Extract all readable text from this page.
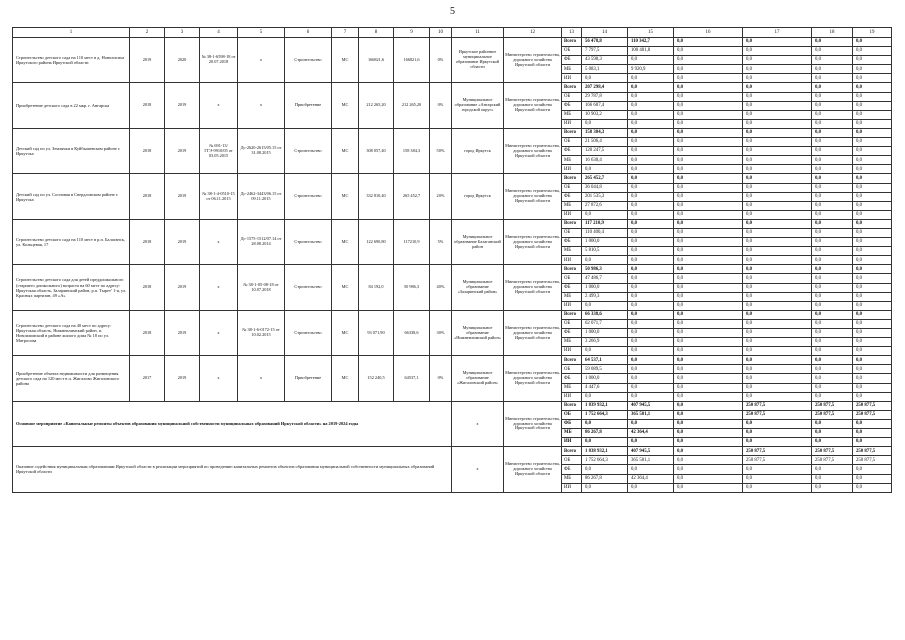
5
1	2	3	4	5	6	7	8	9	10	11	12	13	14	15	16	17	18	19
Строительство детского сада на 110 мест в д. Новолисиха Иркутского района Иркутской области	2019	2020	№ 38-1-6598-18 от 20.07.2018	х	Строительство	МС	166821,6	166821,6	0%	Иркутское районное муниципальное образование Иркутской области	Министерство строительства, дорожного хозяйства Иркутской области	Всего	56 478,8	110 342,7	0,0	0,0	0,0	0,0
												ОБ	7 797,5	100 401,8	0,0	0,0	0,0	0,0
												ФБ	43 598,3	0,0	0,0	0,0	0,0	0,0
												МБ	5 083,1	9 920,9	0,0	0,0	0,0	0,0
												ИИ	0,0	0,0	0,0	0,0	0,0	0,0
Приобретение детского сада в 22 мкр. г. Ангарска	2018	2019	х	х	Приобретение	МС	212 265,20	212 265,20	0%	Муниципальное образование «Ангарский городской округ»	Министерство строительства, дорожного хозяйства Иркутской области	Всего	207 298,4	0,0	0,0	0,0	0,0	0,0
												ОБ	29 787,8	0,0	0,0	0,0	0,0	0,0
												ФБ	166 607,4	0,0	0,0	0,0	0,0	0,0
												МБ	10 903,2	0,0	0,0	0,0	0,0	0,0
												ИИ	0,0	0,0	0,0	0,0	0,0	0,0
Детский сад по ул. Землячки в Куйбышевском районе г. Иркутска	2018	2019	№ 691-13/ГГЭ-9910/05 от 03.05.2015	Дс-2620-2615/05.15 от 31.08.2015	Строительство	МС	308 057,40	158 384,3	50%	город Иркутск	Министерство строительства, дорожного хозяйства Иркутской области	Всего	158 384,3	0,0	0,0	0,0	0,0	0,0
												ОБ	21 506,4	0,0	0,0	0,0	0,0	0,0
												ФБ	120 247,5	0,0	0,0	0,0	0,0	0,0
												МБ	16 630,4	0,0	0,0	0,0	0,0	0,0
												ИИ	0,0	0,0	0,0	0,0	0,0	0,0
Детский сад по ул. Сосновая в Свердловском районе г. Иркутска	2018	2019	№ 38-1-4-0510-15 от 06.11.2015	Дс-2462-3443/06.15 от 09.11.2015	Строительство	МС	332 810,40	265 452,7	20%	город Иркутск	Министерство строительства, дорожного хозяйства Иркутской области	Всего	265 452,7	0,0	0,0	0,0	0,0	0,0
												ОБ	36 044,8	0,0	0,0	0,0	0,0	0,0
												ФБ	201 535,3	0,0	0,0	0,0	0,0	0,0
												МБ	27 872,6	0,0	0,0	0,0	0,0	0,0
												ИИ	0,0	0,0	0,0	0,0	0,0	0,0
Строительство детского сада на 110 мест в р.п. Балаганск, ул. Кольцевая, 17	2018	2019	х	Дс-1575-1512/07.14 от 28.08.2014	Строительство	МС	122 690,80	117210,9	5%	Муниципальное образование Балаганский район	Министерство строительства, дорожного хозяйства Иркутской области	Всего	117 210,9	0,0	0,0	0,0	0,0	0,0
												ОБ	110 400,4	0,0	0,0	0,0	0,0	0,0
												ФБ	1 000,0	0,0	0,0	0,0	0,0	0,0
												МБ	5 810,5	0,0	0,0	0,0	0,0	0,0
												ИИ	0,0	0,0	0,0	0,0	0,0	0,0
Строительство детского сада для детей преддошкольного (старшего дошкольного) возраста на 60 мест по адресу: Иркутская область, Заларинский район, р.п. Тырет’ 1-я, ул. Красных партизан, 49 «А»	2018	2019	х	№ 38-1-05-08-18 от 10.07.2018	Строительство	МС	84 192,0	50 986,3	40%	Муниципальное образование «Заларинский район»	Министерство строительства, дорожного хозяйства Иркутской области	Всего	50 986,3	0,0	0,0	0,0	0,0	0,0
												ОБ	47 486,7	0,0	0,0	0,0	0,0	0,0
												ФБ	1 000,0	0,0	0,0	0,0	0,0	0,0
												МБ	2 499,3	0,0	0,0	0,0	0,0	0,0
												ИИ	0,0	0,0	0,0	0,0	0,0	0,0
Строительство детского сада на 40 мест по адресу: Иркутская область, Нижнеилимский район, п. Новоилимский в районе жилого дома № 18 по ул. Матросова	2018	2019	х	№ 38-1-6-0172-15 от 10.02.2015	Строительство	МС	93 071,90	66338,6	30%	Муниципальное образование «Нижнеилимский район»	Министерство строительства, дорожного хозяйства Иркутской области	Всего	66 338,6	0,0	0,0	0,0	0,0	0,0
												ОБ	62 071,7	0,0	0,0	0,0	0,0	0,0
												ФБ	1 000,0	0,0	0,0	0,0	0,0	0,0
												МБ	3 266,9	0,0	0,0	0,0	0,0	0,0
												ИИ	0,0	0,0	0,0	0,0	0,0	0,0
Приобретение объекта недвижимости для размещения детского сада на 120 мест в п. Жигалово Жигаловского района	2017	2019	х	х	Приобретение	МС	152 240,5	64537,1	0%	Муниципальное образование «Жигаловский район»	Министерство строительства, дорожного хозяйства Иркутской области	Всего	64 537,1	0,0	0,0	0,0	0,0	0,0
												ОБ	59 089,5	0,0	0,0	0,0	0,0	0,0
												ФБ	1 000,0	0,0	0,0	0,0	0,0	0,0
												МБ	4 447,6	0,0	0,0	0,0	0,0	0,0
												ИИ	0,0	0,0	0,0	0,0	0,0	0,0
Основное мероприятие «Капитальные ремонты объектов образования муниципальной собственности муниципальных образований Иркутской области» на 2019-2024 годы										х	Министерство строительства, дорожного хозяйства Иркутской области	Всего	1 839 932,1	407 945,5	0,0	250 877,5	250 877,5	250 877,5
												ОБ	1 752 664,3	365 581,1	0,0	250 877,5	250 877,5	250 877,5
												ФБ	0,0	0,0	0,0	0,0	0,0	0,0
												МБ	86 267,8	42 364,4	0,0	0,0	0,0	0,0
												ИИ	0,0	0,0	0,0	0,0	0,0	0,0
Оказание содействия муниципальным образованиям Иркутской области в реализации мероприятий по проведению капитальных ремонтов объектов образования муниципальной собственности муниципальных образований Иркутской области										х	Министерство строительства, дорожного хозяйства Иркутской области	Всего	1 838 932,1	407 945,5	0,0	250 877,5	250 877,5	250 877,5
												ОБ	1 752 664,3	365 581,1	0,0	250 877,5	250 877,5	250 877,5
												ФБ	0,0	0,0	0,0	0,0	0,0	0,0
												МБ	86 267,8	42 364,4	0,0	0,0	0,0	0,0
												ИИ	0,0	0,0	0,0	0,0	0,0	0,0
